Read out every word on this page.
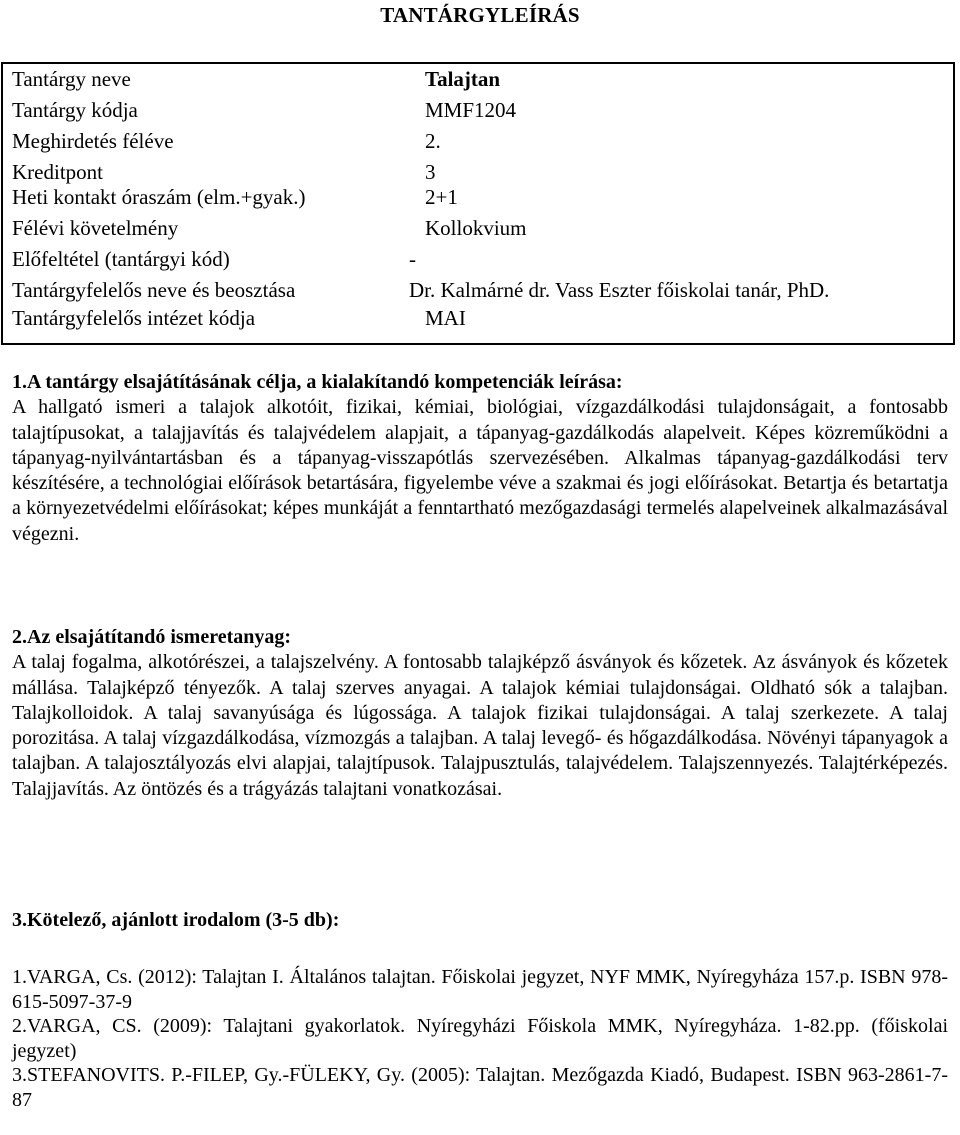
TANTÁRGYLEÍRÁS
Tantárgy neve	Talajtan
Tantárgy kódja	MMF1204
Meghirdetés féléve	2.
Kreditpont	3
Heti kontakt óraszám (elm.+gyak.)	2+1
Félévi követelmény	Kollokvium
Előfeltétel (tantárgyi kód)	-
Tantárgyfelelős neve és beosztása	Dr. Kalmárné dr. Vass Eszter főiskolai tanár, PhD.
Tantárgyfelelős intézet kódja	MAI
1.A tantárgy elsajátításának célja, a kialakítandó kompetenciák leírása:
A hallgató ismeri a talajok alkotóit, fizikai, kémiai, biológiai, vízgazdálkodási tulajdonságait, a fontosabb talajtípusokat, a talajjavítás és talajvédelem alapjait, a tápanyag-gazdálkodás alapelveit. Képes közreműködni a tápanyag-nyilvántartásban és a tápanyag-visszapótlás szervezésében. Alkalmas tápanyag-gazdálkodási terv készítésére, a technológiai előírások betartására, figyelembe véve a szakmai és jogi előírásokat. Betartja és betartatja a környezetvédelmi előírásokat; képes munkáját a fenntartható mezőgazdasági termelés alapelveinek alkalmazásával végezni.
2.Az elsajátítandó ismeretanyag:
A talaj fogalma, alkotórészei, a talajszelvény. A fontosabb talajképző ásványok és kőzetek. Az ásványok és kőzetek mállása. Talajképző tényezők. A talaj szerves anyagai. A talajok kémiai tulajdonságai. Oldható sók a talajban. Talajkolloidok. A talaj savanyúsága és lúgossága. A talajok fizikai tulajdonságai. A talaj szerkezete. A talaj porozitása. A talaj vízgazdálkodása, vízmozgás a talajban. A talaj levegő- és hőgazdálkodása. Növényi tápanyagok a talajban. A talajosztályozás elvi alapjai, talajtípusok. Talajpusztulás, talajvédelem. Talajszennyezés. Talajtérképezés. Talajjavítás. Az öntözés és a trágyázás talajtani vonatkozásai.
3.Kötelező, ajánlott irodalom (3-5 db):
1.VARGA, Cs. (2012): Talajtan I. Általános talajtan. Főiskolai jegyzet, NYF MMK, Nyíregyháza 157.p. ISBN 978-615-5097-37-9
2.VARGA, CS. (2009): Talajtani gyakorlatok. Nyíregyházi Főiskola MMK, Nyíregyháza. 1-82.pp. (főiskolai jegyzet)
3.STEFANOVITS. P.-FILEP, Gy.-FÜLEKY, Gy. (2005): Talajtan. Mezőgazda Kiadó, Budapest. ISBN 963-2861-7-87
